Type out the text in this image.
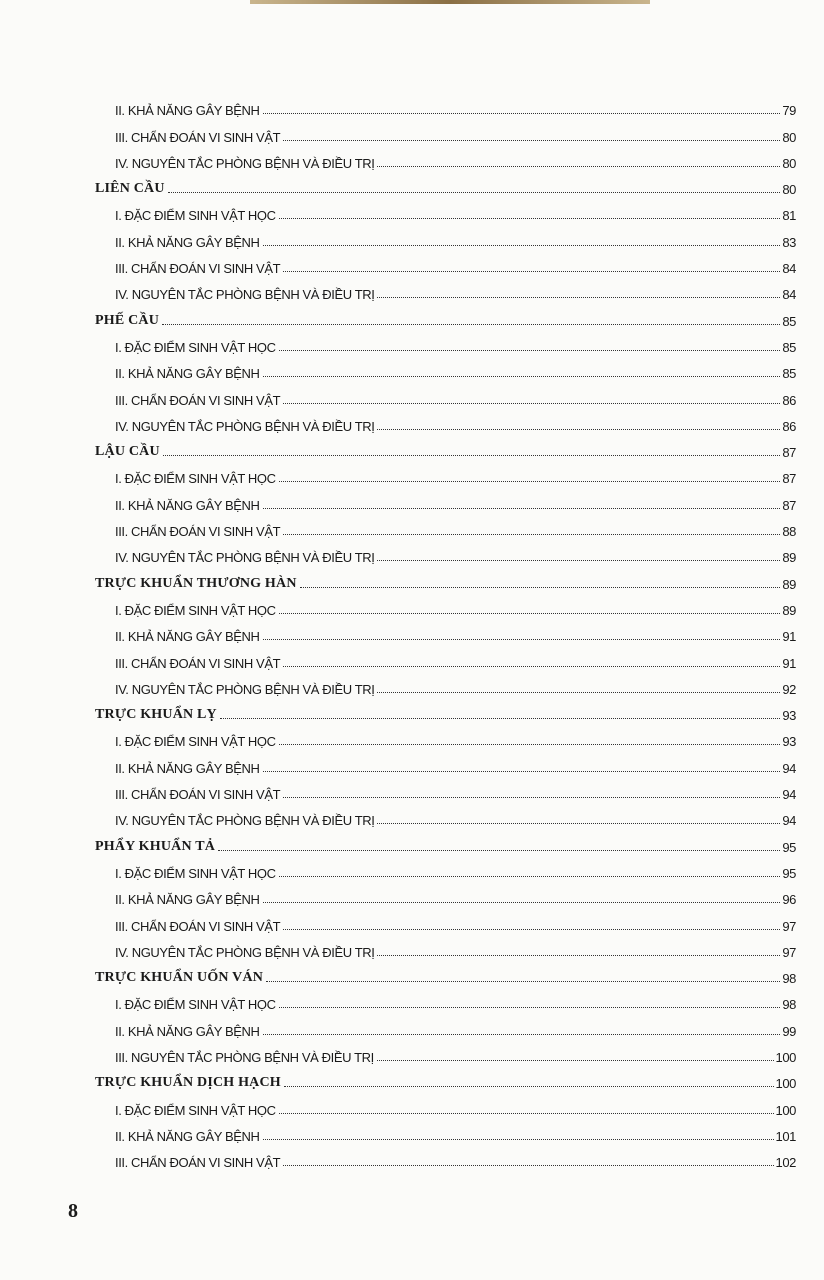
II. KHẢ NĂNG GÂY BỆNH	79
III. CHẨN ĐOÁN VI SINH VẬT	80
IV. NGUYÊN TẮC PHÒNG BỆNH VÀ ĐIỀU TRỊ	80
LIÊN CẦU	80
I. ĐẶC ĐIỂM SINH VẬT HỌC	81
II. KHẢ NĂNG GÂY BỆNH	83
III. CHẨN ĐOÁN VI SINH VẬT	84
IV. NGUYÊN TẮC PHÒNG BỆNH VÀ ĐIỀU TRỊ	84
PHẾ CẦU	85
I. ĐẶC ĐIỂM SINH VẬT HỌC	85
II. KHẢ NĂNG GÂY BỆNH	85
III. CHẨN ĐOÁN VI SINH VẬT	86
IV. NGUYÊN TẮC PHÒNG BỆNH VÀ ĐIỀU TRỊ	86
LẬU CẦU	87
I. ĐẶC ĐIỂM SINH VẬT HỌC	87
II. KHẢ NĂNG GÂY BỆNH	87
III. CHẨN ĐOÁN VI SINH VẬT	88
IV. NGUYÊN TẮC PHÒNG BỆNH VÀ ĐIỀU TRỊ	89
TRỰC KHUẨN THƯƠNG HÀN	89
I. ĐẶC ĐIỂM SINH VẬT HỌC	89
II. KHẢ NĂNG GÂY BỆNH	91
III. CHẨN ĐOÁN VI SINH VẬT	91
IV. NGUYÊN TẮC PHÒNG BỆNH VÀ ĐIỀU TRỊ	92
TRỰC KHUẨN LỴ	93
I. ĐẶC ĐIỂM SINH VẬT HỌC	93
II. KHẢ NĂNG GÂY BỆNH	94
III. CHẨN ĐOÁN VI SINH VẬT	94
IV. NGUYÊN TẮC PHÒNG BỆNH VÀ ĐIỀU TRỊ	94
PHẨY KHUẨN TẢ	95
I. ĐẶC ĐIỂM SINH VẬT HỌC	95
II. KHẢ NĂNG GÂY BỆNH	96
III. CHẨN ĐOÁN VI SINH VẬT	97
IV. NGUYÊN TẮC PHÒNG BỆNH VÀ ĐIỀU TRỊ	97
TRỰC KHUẨN UỐN VÁN	98
I. ĐẶC ĐIỂM SINH VẬT HỌC	98
II. KHẢ NĂNG GÂY BỆNH	99
III. NGUYÊN TẮC PHÒNG BỆNH VÀ ĐIỀU TRỊ	100
TRỰC KHUẨN DỊCH HẠCH	100
I. ĐẶC ĐIỂM SINH VẬT HỌC	100
II. KHẢ NĂNG GÂY BỆNH	101
III. CHẨN ĐOÁN VI SINH VẬT	102
8
